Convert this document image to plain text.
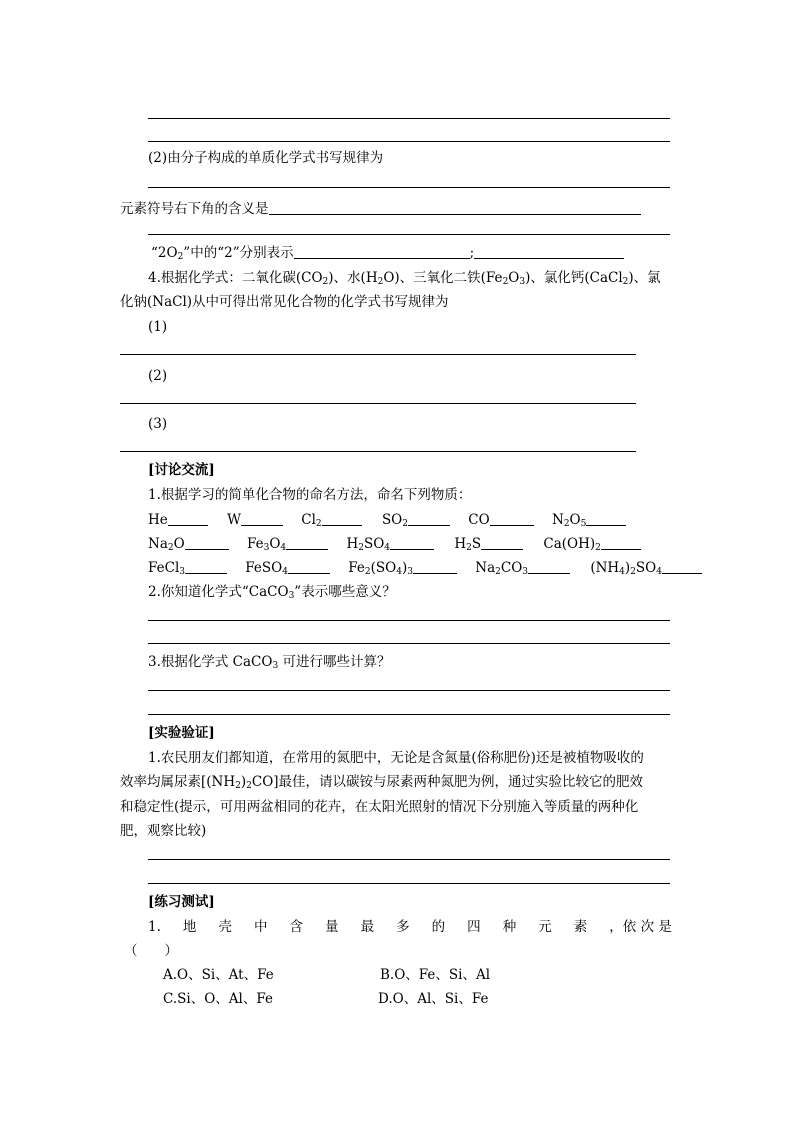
(2)由分子构成的单质化学式书写规律为
元素符号右下角的含义是
“$2O_2$”中的“2”分别表示	;
4.根据化学式：二氧化碳$(CO_2)$、水$(H_2O)$、三氧化二铁$(Fe_2O_3)$、氯化钙(CaCl$_2$)、氯
化钠(NaCl)从中可得出常见化合物的化学式书写规律为
(1)
(2)
(3)
[讨论交流]
1.根据学习的简单化合物的命名方法，命名下列物质：
He	W	$Cl_2$	$SO_2$	CO	$N_2O_5$
$Na_2O$	$Fe_3O_4$	$H_2SO_4$	$H_2S$	$Ca(OH)_2$
FeCl$_3$	FeSO$_4$	$Fe_2(SO_4)_3$	$Na_2CO_3$	$(NH_4)_2SO_4$
2.你知道化学式“CaCO$_3$”表示哪些意义？
3.根据化学式 CaCO$_3$ 可进行哪些计算？
[实验验证]
1.农民朋友们都知道，在常用的氮肥中，无论是含氮量(俗称肥份)还是被植物吸收的
效率均属尿素$[(NH_2)_2CO]$最佳，请以碳铵与尿素两种氮肥为例，通过实验比较它的肥效
和稳定性(提示，可用两盆相同的花卉，在太阳光照射的情况下分别施入等质量的两种化
肥，观察比较)
[练习测试]
1. 地 壳 中 含 量 最 多 的 四 种 元 素 ，依 次 是
（　　）
A.O、Si、At、Fe	B.O、Fe、Si、Al
C.Si、O、Al、Fe	D.O、Al、Si、Fe
